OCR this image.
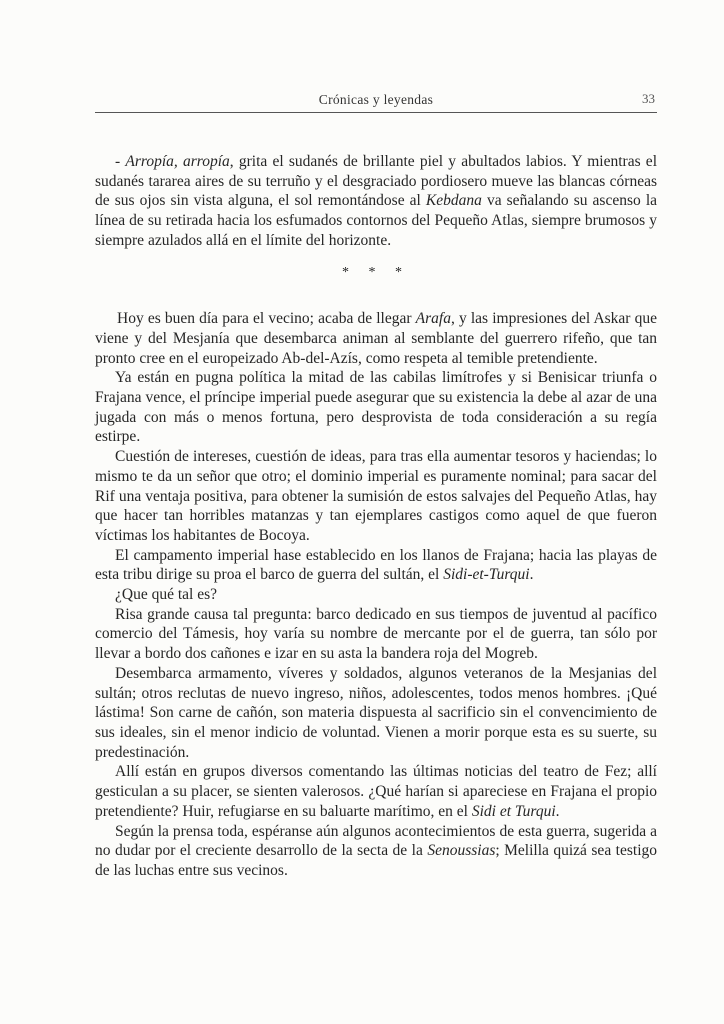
Crónicas y leyendas	33

- Arropía, arropía, grita el sudanés de brillante piel y abultados labios. Y mientras el sudanés tararea aires de su terruño y el desgraciado pordiosero mueve las blancas córneas de sus ojos sin vista alguna, el sol remontándose al Kebdana va señalando su ascenso la línea de su retirada hacia los esfumados contornos del Pequeño Atlas, siempre brumosos y siempre azulados allá en el límite del horizonte.

* * *

Hoy es buen día para el vecino; acaba de llegar Arafa, y las impresiones del Askar que viene y del Mesjanía que desembarca animan al semblante del guerrero rifeño, que tan pronto cree en el europeizado Ab-del-Azís, como respeta al temible pretendiente.

Ya están en pugna política la mitad de las cabilas limítrofes y si Benisicar triunfa o Frajana vence, el príncipe imperial puede asegurar que su existencia la debe al azar de una jugada con más o menos fortuna, pero desprovista de toda consideración a su regía estirpe.

Cuestión de intereses, cuestión de ideas, para tras ella aumentar tesoros y haciendas; lo mismo te da un señor que otro; el dominio imperial es puramente nominal; para sacar del Rif una ventaja positiva, para obtener la sumisión de estos salvajes del Pequeño Atlas, hay que hacer tan horribles matanzas y tan ejemplares castigos como aquel de que fueron víctimas los habitantes de Bocoya.

El campamento imperial hase establecido en los llanos de Frajana; hacia las playas de esta tribu dirige su proa el barco de guerra del sultán, el Sidi-et-Turqui.

¿Que qué tal es?

Risa grande causa tal pregunta: barco dedicado en sus tiempos de juventud al pacífico comercio del Támesis, hoy varía su nombre de mercante por el de guerra, tan sólo por llevar a bordo dos cañones e izar en su asta la bandera roja del Mogreb.

Desembarca armamento, víveres y soldados, algunos veteranos de la Mesjanias del sultán; otros reclutas de nuevo ingreso, niños, adolescentes, todos menos hombres. ¡Qué lástima! Son carne de cañón, son materia dispuesta al sacrificio sin el convencimiento de sus ideales, sin el menor indicio de voluntad. Vienen a morir porque esta es su suerte, su predestinación.

Allí están en grupos diversos comentando las últimas noticias del teatro de Fez; allí gesticulan a su placer, se sienten valerosos. ¿Qué harían si apareciese en Frajana el propio pretendiente? Huir, refugiarse en su baluarte marítimo, en el Sidi et Turqui.

Según la prensa toda, espéranse aún algunos acontecimientos de esta guerra, sugerida a no dudar por el creciente desarrollo de la secta de la Senoussias; Melilla quizá sea testigo de las luchas entre sus vecinos.
